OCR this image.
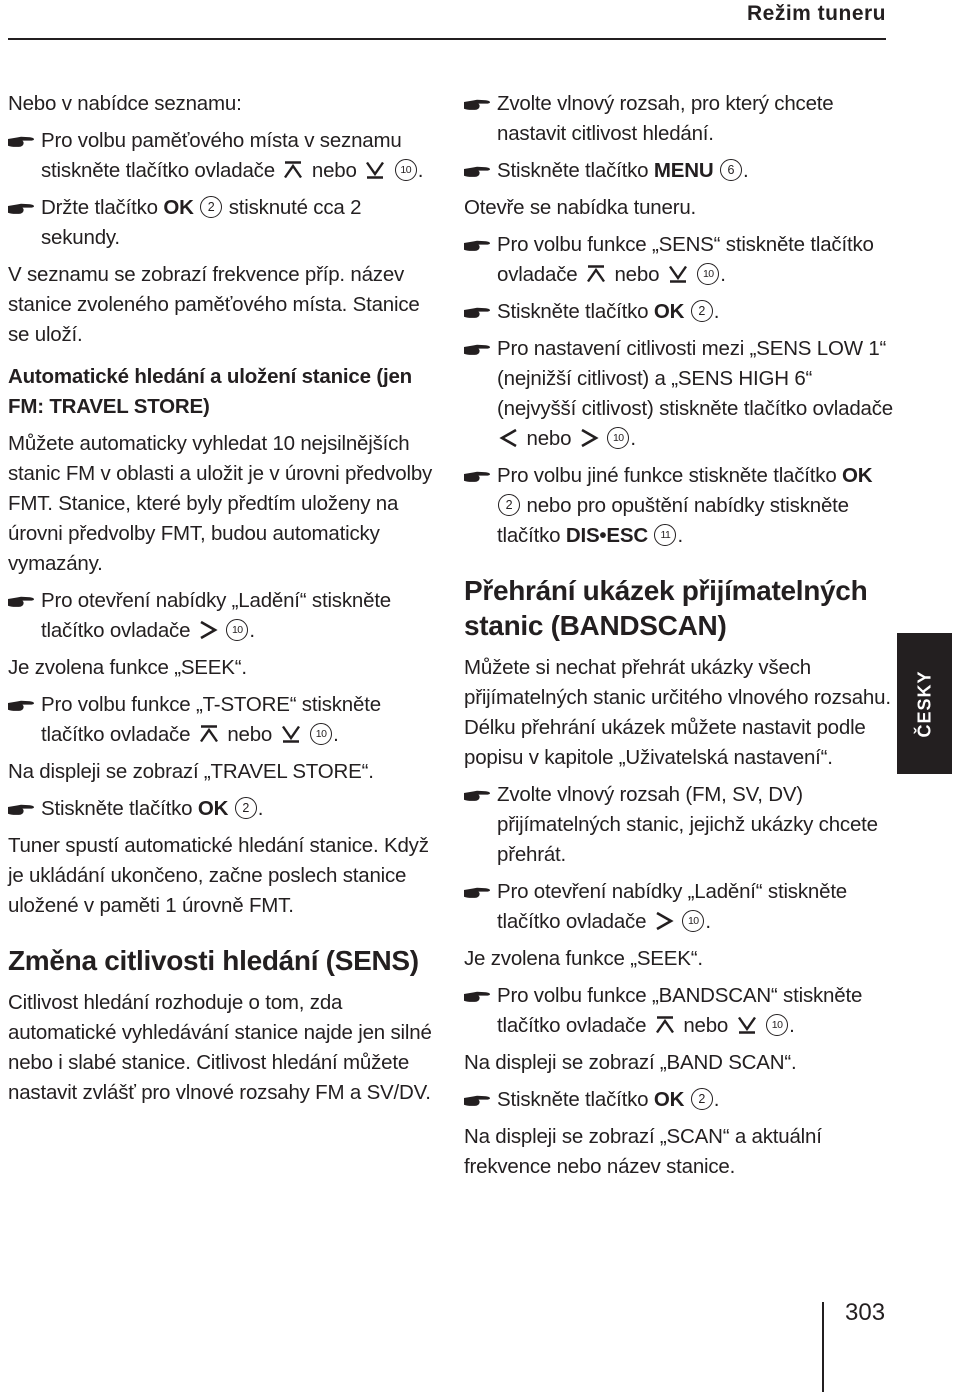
Režim tuneru

Nebo v nabídce seznamu:

Pro volbu paměťového místa v seznamu stiskněte tlačítko ovladače nebo	10 .
Držte tlačítko OK 2 stisknuté cca 2 sekundy.

V seznamu se zobrazí frekvence příp. název stanice zvoleného paměťového místa. Stanice se uloží.

Automatické hledání a uložení stanice (jen FM: TRAVEL STORE)

Můžete automaticky vyhledat 10 nejsilnějších stanic FM v oblasti a uložit je v úrovni předvolby FMT. Stanice, které byly předtím uloženy na úrovni předvolby FMT, budou automaticky vymazány.

Pro otevření nabídky „Ladění“ stiskněte tlačítko ovladače	10 .

Je zvolena funkce „SEEK“.

Pro volbu funkce „T-STORE“ stiskněte tlačítko ovladače nebo	10 .

Na displeji se zobrazí „TRAVEL STORE“.

Stiskněte tlačítko OK 2 .

Tuner spustí automatické hledání stanice. Když je ukládání ukončeno, začne poslech stanice uložené v paměti 1 úrovně FMT.

Změna citlivosti hledání (SENS)

Citlivost hledání rozhoduje o tom, zda automatické vyhledávání stanice najde jen silné nebo i slabé stanice. Citlivost hledání můžete nastavit zvlášť pro vlnové rozsahy FM a SV/DV.

Zvolte vlnový rozsah, pro který chcete nastavit citlivost hledání.
Stiskněte tlačítko MENU 6 .

Otevře se nabídka tuneru.

Pro volbu funkce „SENS“ stiskněte tlačítko ovladače nebo	10 .
Stiskněte tlačítko OK 2 .
Pro nastavení citlivosti mezi „SENS LOW 1“ (nejnižší citlivost) a „SENS HIGH 6“ (nejvyšší citlivost) stiskněte tlačítko ovladače  nebo	10 .
Pro volbu jiné funkce stiskněte tlačítko OK 2 nebo pro opuštění nabídky stiskněte tlačítko DIS•ESC 11 .
Přehrání ukázek přijímatelných stanic (BANDSCAN)

Můžete si nechat přehrát ukázky všech přijímatelných stanic určitého vlnového rozsahu. Délku přehrání ukázek můžete nastavit podle popisu v kapitole „Uživatelská nastavení“.

Zvolte vlnový rozsah (FM, SV, DV) přijímatelných stanic, jejichž ukázky chcete přehrát.
Pro otevření nabídky „Ladění“ stiskněte tlačítko ovladače	10 .

Je zvolena funkce „SEEK“.

Pro volbu funkce „BANDSCAN“ stiskněte tlačítko ovladače nebo	10 .

Na displeji se zobrazí „BAND SCAN“.

Stiskněte tlačítko OK 2 .

Na displeji se zobrazí „SCAN“ a aktuální frekvence nebo název stanice.

ČESKY
303
